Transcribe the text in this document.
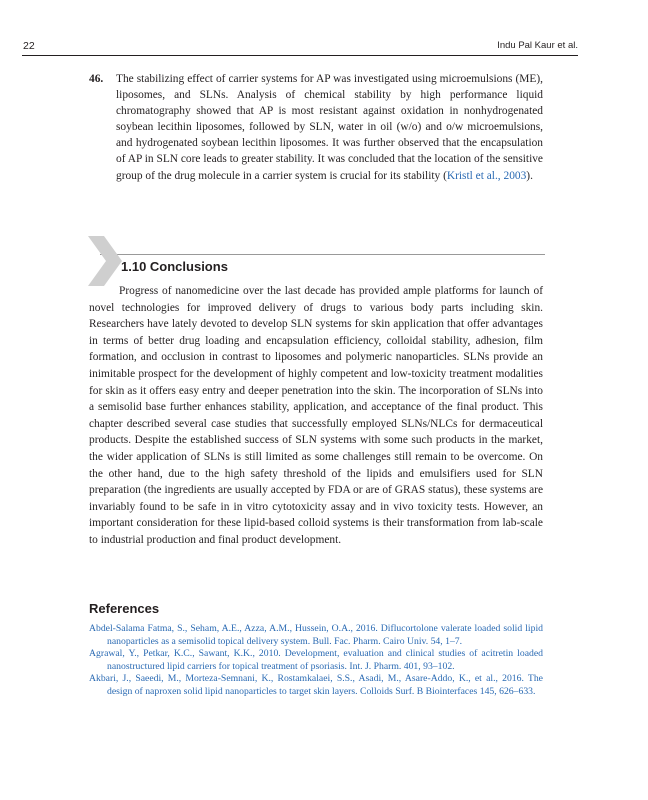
22	Indu Pal Kaur et al.
46. The stabilizing effect of carrier systems for AP was investigated using microemulsions (ME), liposomes, and SLNs. Analysis of chemical stability by high performance liquid chromatography showed that AP is most resistant against oxidation in nonhydrogenated soybean lecithin liposomes, followed by SLN, water in oil (w/o) and o/w microemulsions, and hydrogenated soybean lecithin liposomes. It was further observed that the encapsulation of AP in SLN core leads to greater stability. It was concluded that the location of the sensitive group of the drug molecule in a carrier system is crucial for its stability (Kristl et al., 2003).
1.10 Conclusions

Progress of nanomedicine over the last decade has provided ample platforms for launch of novel technologies for improved delivery of drugs to various body parts including skin. Researchers have lately devoted to develop SLN systems for skin application that offer advantages in terms of better drug loading and encapsulation efficiency, colloidal stability, adhesion, film formation, and occlusion in contrast to liposomes and polymeric nanoparticles. SLNs provide an inimitable prospect for the development of highly competent and low-toxicity treatment modalities for skin as it offers easy entry and deeper penetration into the skin. The incorporation of SLNs into a semisolid base further enhances stability, application, and acceptance of the final product. This chapter described several case studies that successfully employed SLNs/NLCs for dermaceutical products. Despite the established success of SLN systems with some such products in the market, the wider application of SLNs is still limited as some challenges still remain to be overcome. On the other hand, due to the high safety threshold of the lipids and emulsifiers used for SLN preparation (the ingredients are usually accepted by FDA or are of GRAS status), these systems are invariably found to be safe in in vitro cytotoxicity assay and in vivo toxicity tests. However, an important consideration for these lipid-based colloid systems is their transformation from lab-scale to industrial production and final product development.

References
Abdel-Salama Fatma, S., Seham, A.E., Azza, A.M., Hussein, O.A., 2016. Diflucortolone valerate loaded solid lipid nanoparticles as a semisolid topical delivery system. Bull. Fac. Pharm. Cairo Univ. 54, 1–7.
Agrawal, Y., Petkar, K.C., Sawant, K.K., 2010. Development, evaluation and clinical studies of acitretin loaded nanostructured lipid carriers for topical treatment of psoriasis. Int. J. Pharm. 401, 93–102.
Akbari, J., Saeedi, M., Morteza-Semnani, K., Rostamkalaei, S.S., Asadi, M., Asare-Addo, K., et al., 2016. The design of naproxen solid lipid nanoparticles to target skin layers. Colloids Surf. B Biointerfaces 145, 626–633.
